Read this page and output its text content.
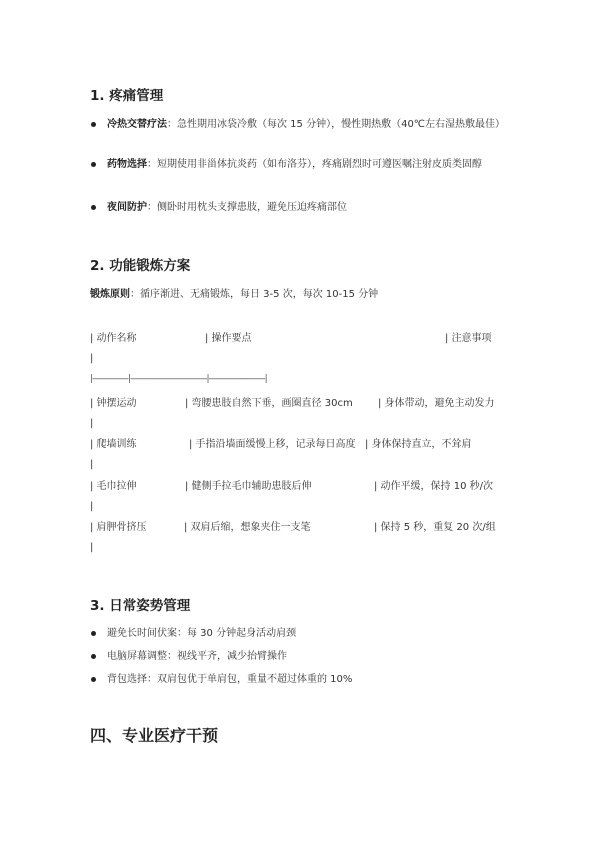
1. 疼痛管理
冷热交替疗法：急性期用冰袋冷敷（每次 15 分钟），慢性期热敷（40℃左右湿热敷最佳）
药物选择：短期使用非甾体抗炎药（如布洛芬），疼痛剧烈时可遵医嘱注射皮质类固醇
夜间防护：侧卧时用枕头支撑患肢，避免压迫疼痛部位
2. 功能锻炼方案
锻炼原则：循序渐进、无痛锻炼，每日 3-5 次，每次 10-15 分钟

| 动作名称

	| 操作要点

	| 注意事项

|

|----------------|----------------------------------|-------------------------|

| 钟摆运动

	| 弯腰患肢自然下垂，画圈直径 30cm

	| 身体带动，避免主动发力

|

| 爬墙训练

	| 手指沿墙面缓慢上移，记录每日高度

| 身体保持直立，不耸肩

|

| 毛巾拉伸

	| 健侧手拉毛巾辅助患肢后伸

	| 动作平缓，保持 10 秒/次

|

| 肩胛骨挤压

	| 双肩后缩，想象夹住一支笔

	| 保持 5 秒，重复 20 次/组

|

3. 日常姿势管理
避免长时间伏案：每 30 分钟起身活动肩颈
电脑屏幕调整：视线平齐，减少抬臂操作
背包选择：双肩包优于单肩包，重量不超过体重的 10%
四、专业医疗干预
